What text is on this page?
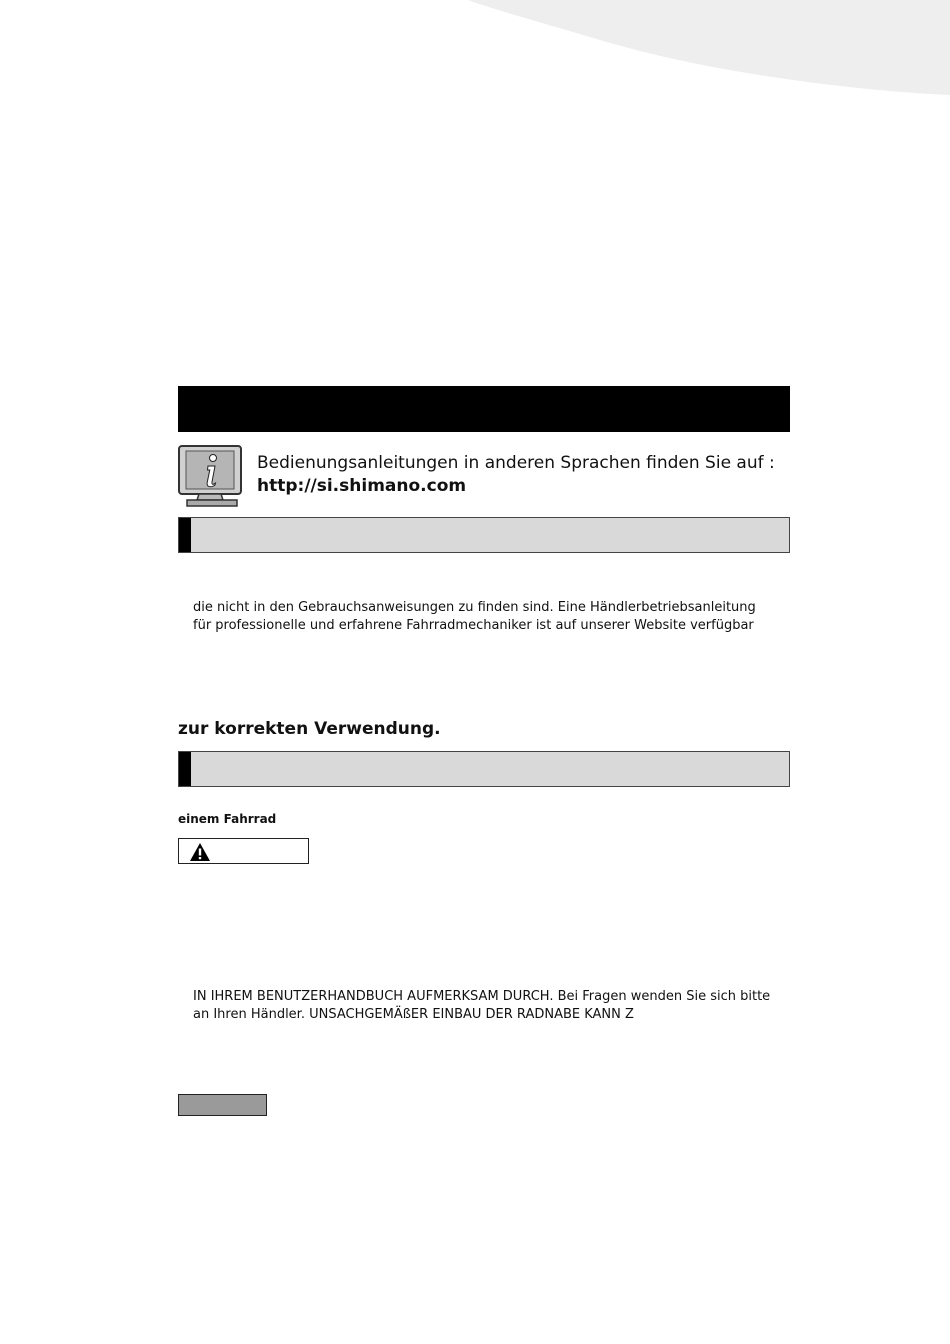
Bedienungsanleitungen in anderen Sprachen finden Sie auf :
http://si.shimano.com
die nicht in den Gebrauchsanweisungen zu finden sind. Eine Händlerbetriebsanleitung
für professionelle und erfahrene Fahrradmechaniker ist auf unserer Website verfügbar
zur korrekten Verwendung.
einem Fahrrad
IN IHREM BENUTZERHANDBUCH AUFMERKSAM DURCH. Bei Fragen wenden Sie sich bitte
an Ihren Händler. UNSACHGEMÄßER EINBAU DER RADNABE KANN Z
